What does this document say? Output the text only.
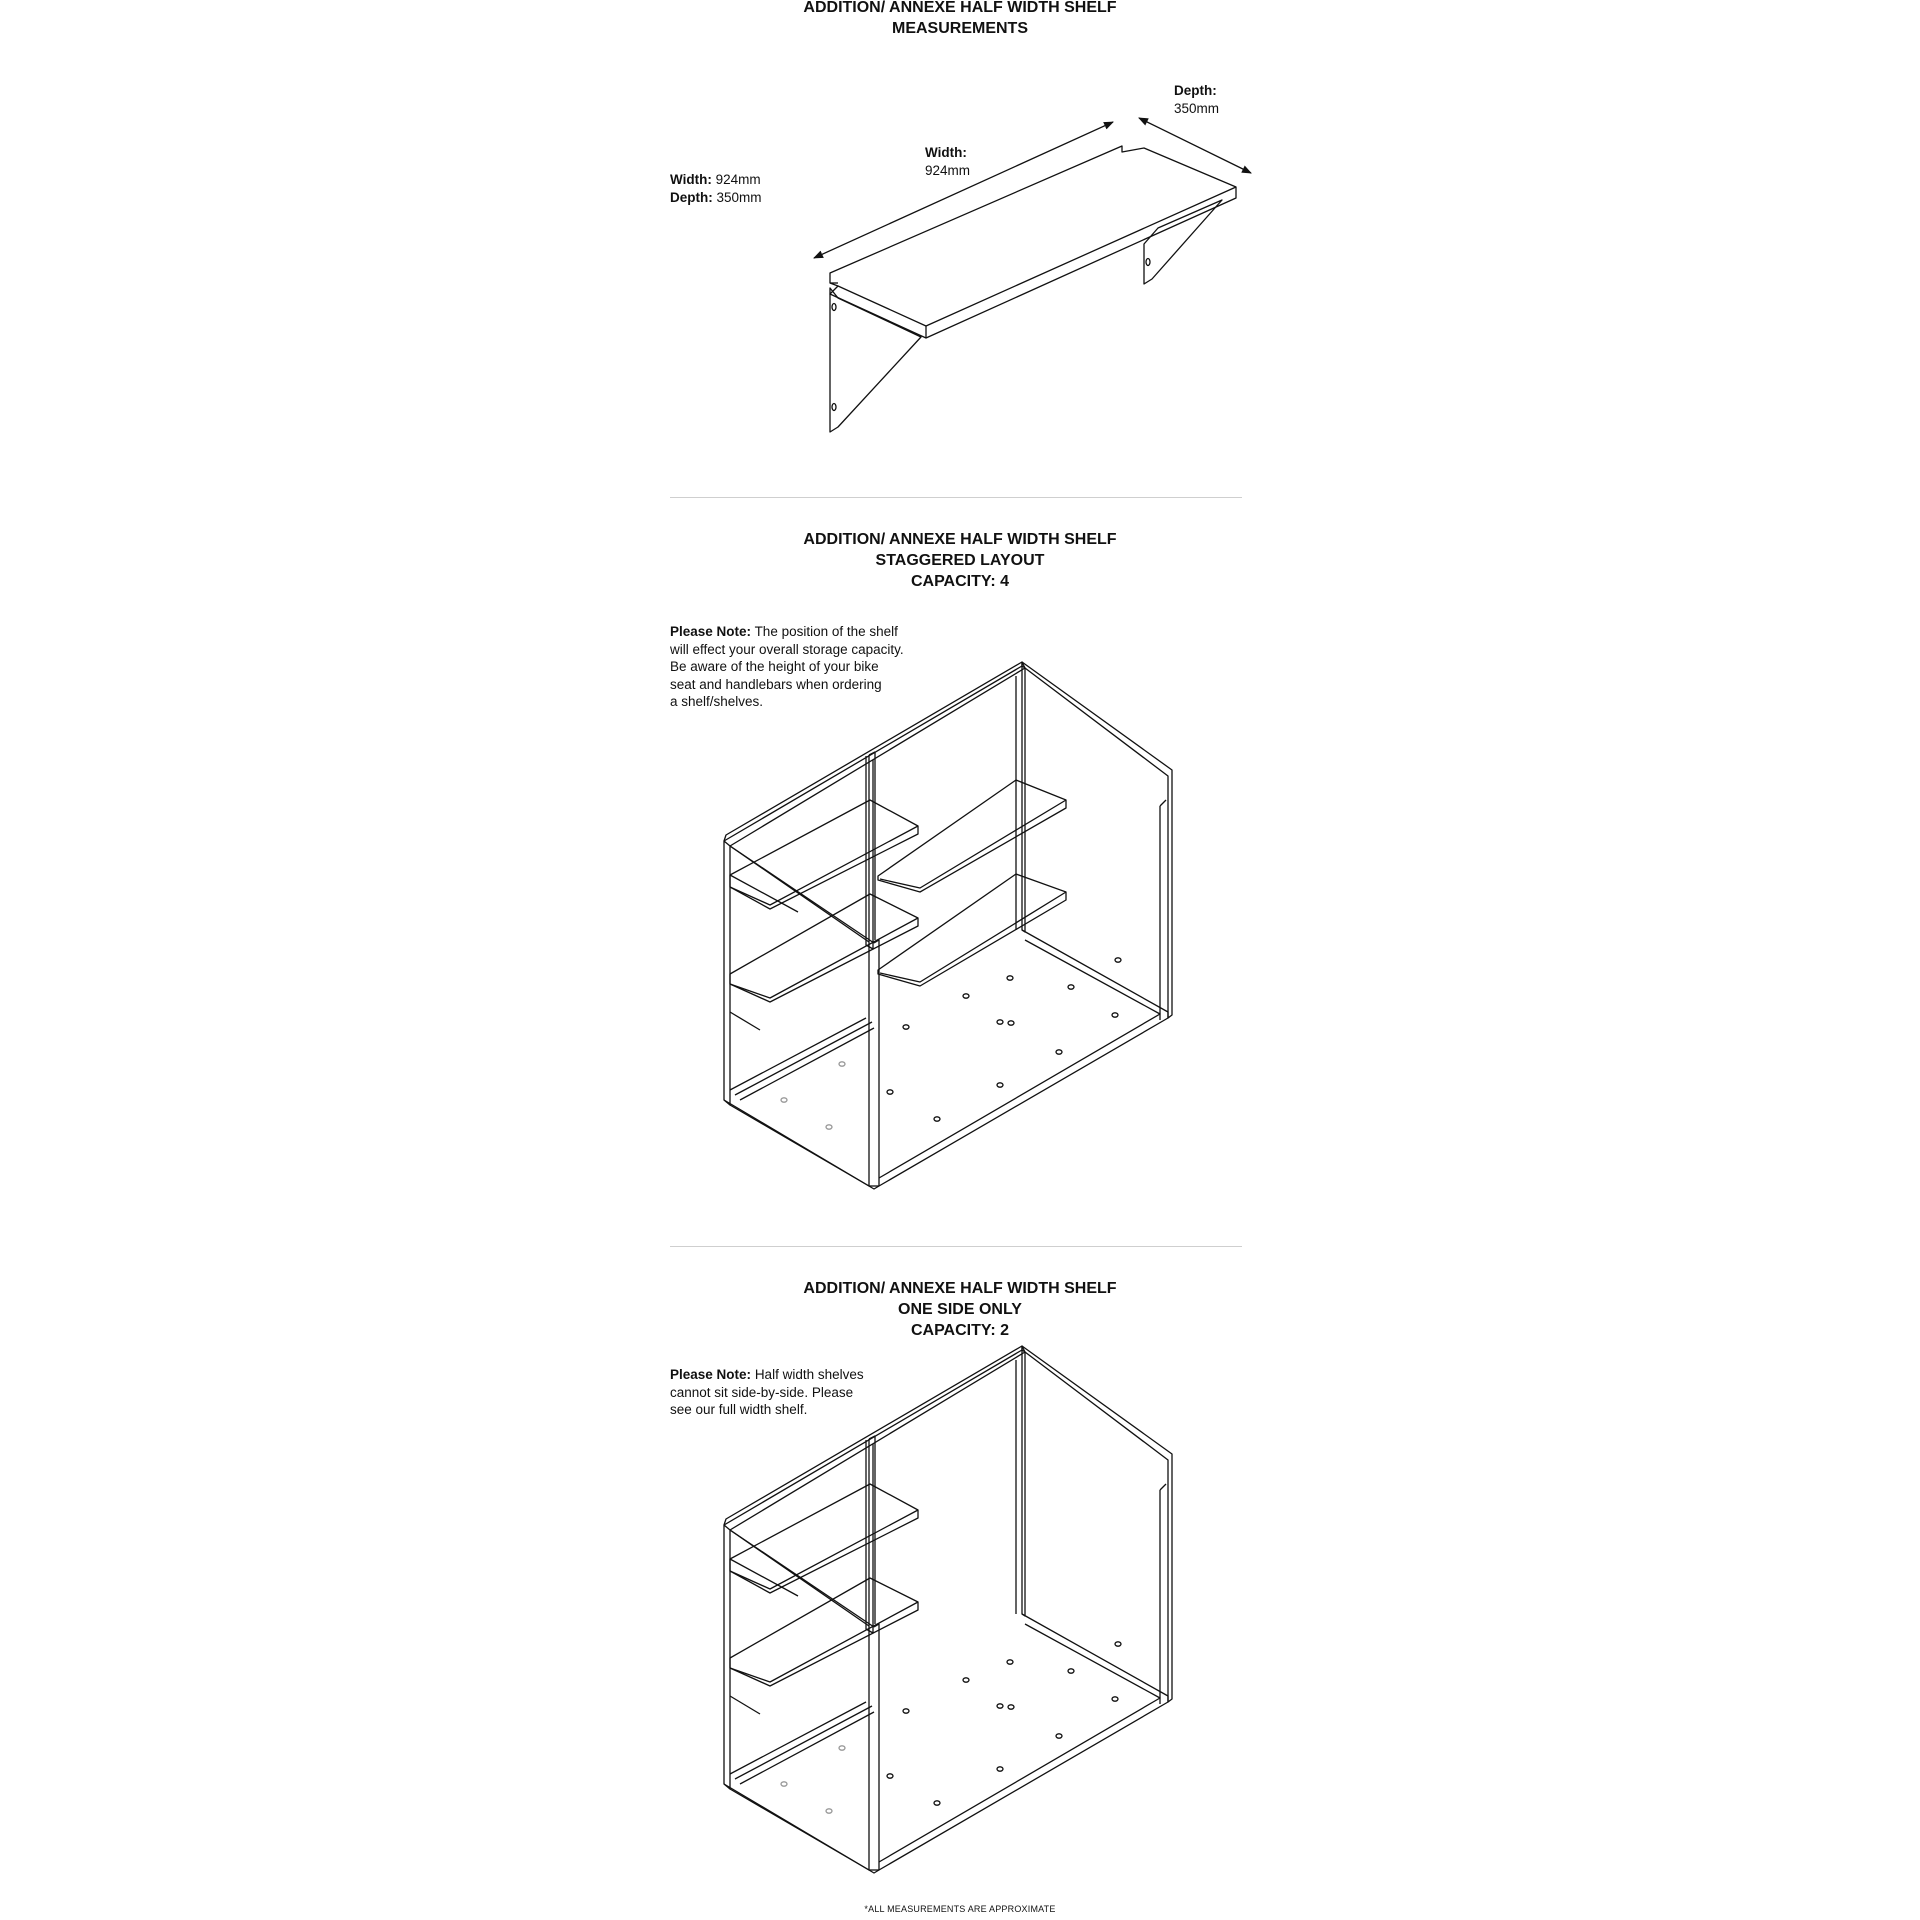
ADDITION/ ANNEXE HALF WIDTH SHELF
MEASUREMENTS
Width: 924mm
Depth: 350mm
Width:
924mm
Depth:
350mm
ADDITION/ ANNEXE HALF WIDTH SHELF
STAGGERED LAYOUT
CAPACITY: 4
Please Note: The position of the shelf
will effect your overall storage capacity.
Be aware of the height of your bike
seat and handlebars when ordering
a shelf/shelves.
ADDITION/ ANNEXE HALF WIDTH SHELF
ONE SIDE ONLY
CAPACITY: 2
Please Note: Half width shelves
cannot sit side-by-side. Please
see our full width shelf.
*ALL MEASUREMENTS ARE APPROXIMATE
